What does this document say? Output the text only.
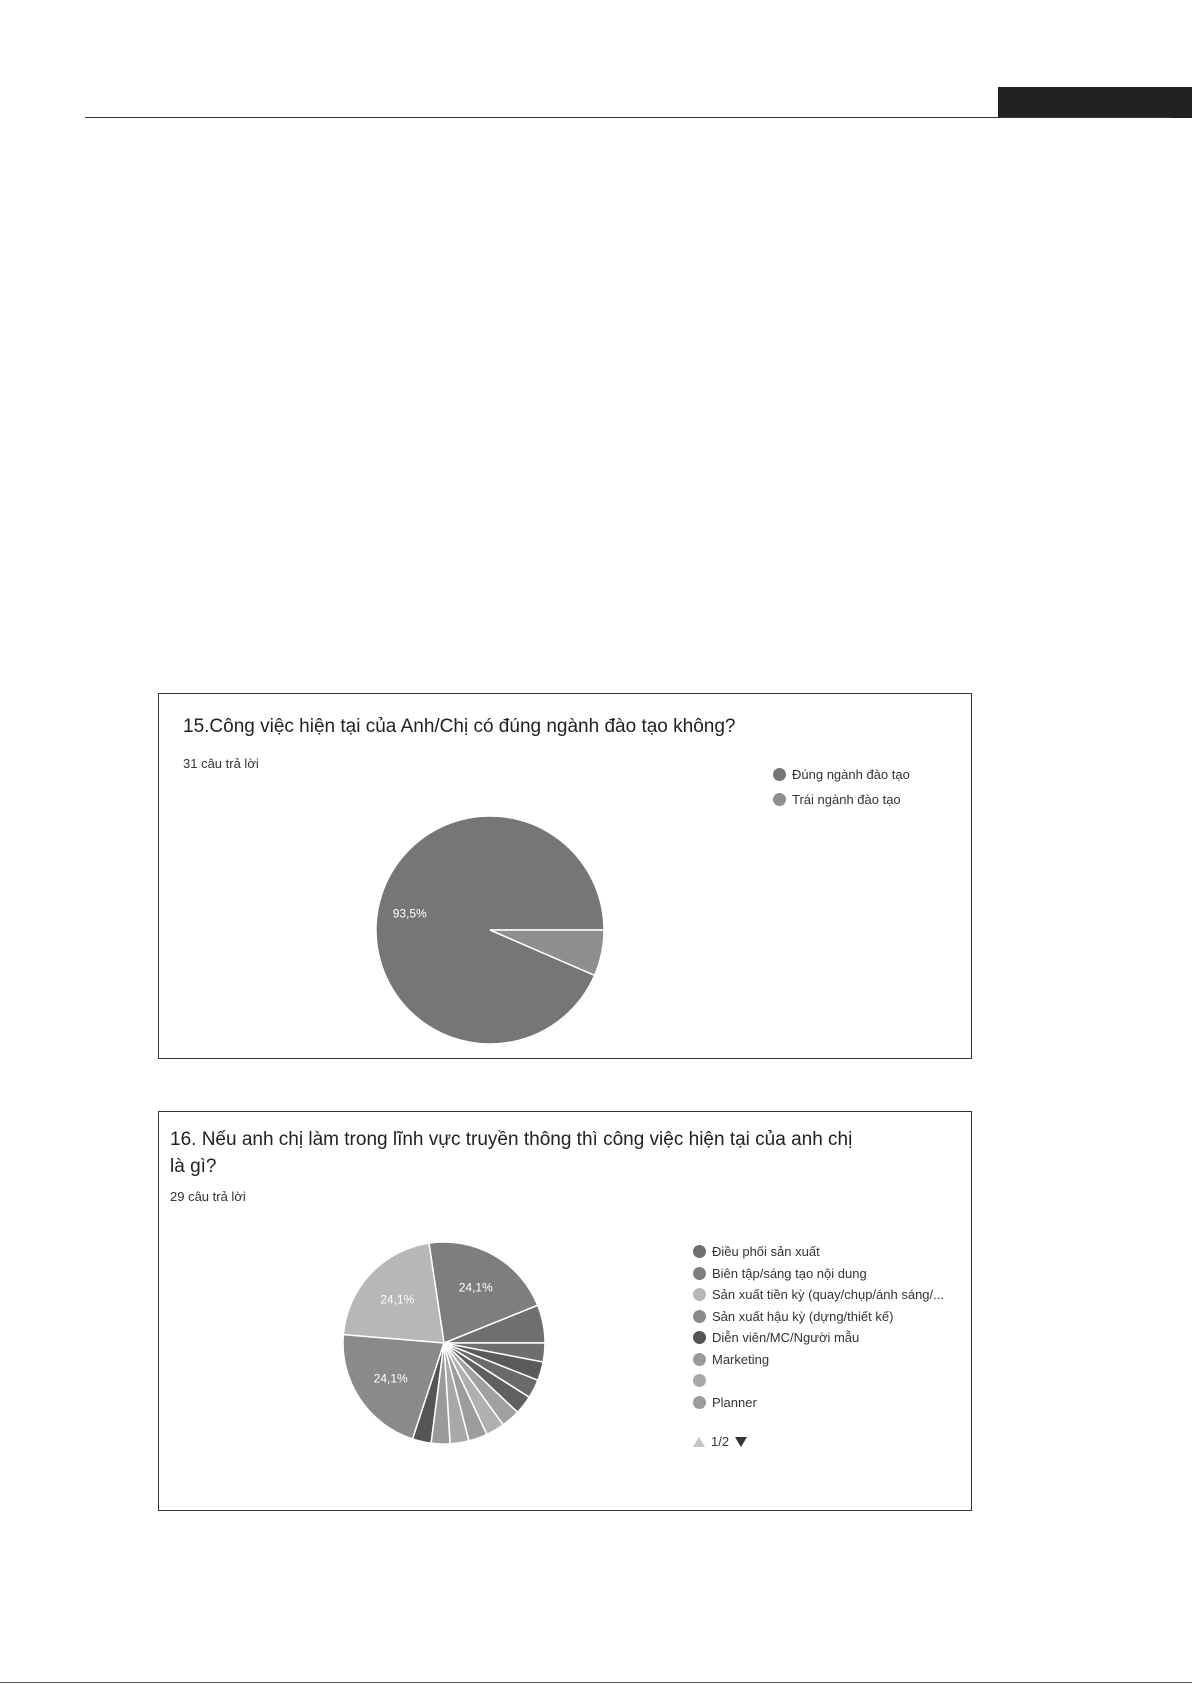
15.Công việc hiện tại của Anh/Chị có đúng ngành đào tạo không?
31 câu trả lời
93,5%
Đúng ngành đào tạo
Trái ngành đào tạo
16. Nếu anh chị làm trong lĩnh vực truyền thông thì công việc hiện tại của anh chị là gì?
29 câu trả lời
24,1%
24,1%
24,1%
Điều phối sản xuất
Biên tập/sáng tạo nội dung
Sản xuất tiền kỳ (quay/chụp/ánh sáng/...
Sản xuất hậu kỳ (dựng/thiết kế)
Diễn viên/MC/Người mẫu
Marketing
Planner
1/2
